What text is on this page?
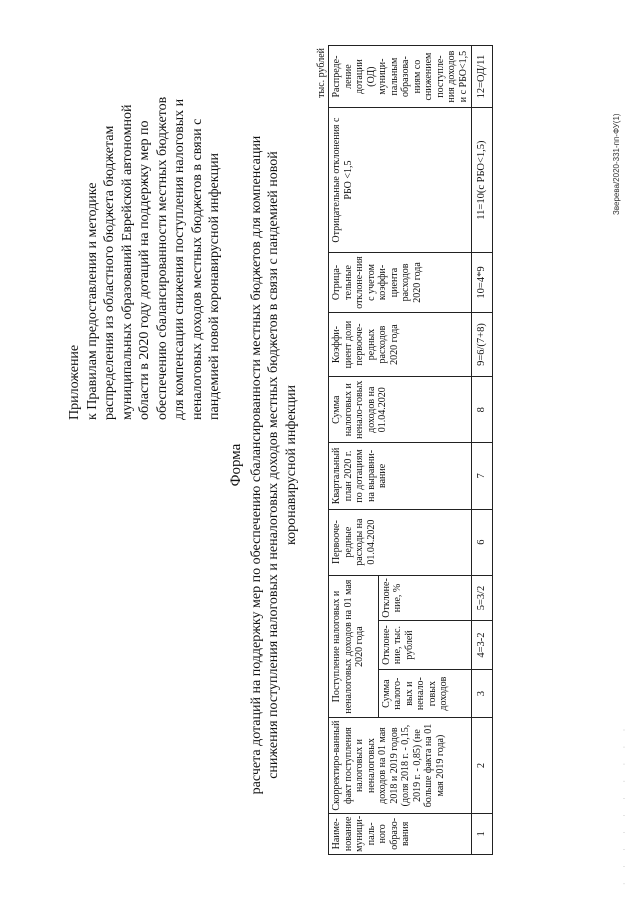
Приложение к Правилам предоставления и методике распределения из областного бюджета бюджетам муниципальных образований Еврейской автономной области в 2020 году дотаций на поддержку мер по обеспечению сбалансированности местных бюджетов для компенсации снижения поступления налоговых и неналоговых доходов местных бюджетов в связи с пандемией новой коронавирусной инфекции
Форма расчета дотаций на поддержку мер по обеспечению сбалансированности местных бюджетов для компенсации снижения поступления налоговых и неналоговых доходов местных бюджетов в связи с пандемией новой коронавирусной инфекции
тыс. рублей
Наиме-нование муници-паль-ного образо-вания	Скорректиро-ванный факт поступления налоговых и неналоговых доходов на 01 мая 2018 и 2019 годов (доля 2018 г. - 0,15, 2019 г. - 0,85) (не больше факта на 01 мая 2019 года)	Поступление налоговых и неналоговых доходов на 01 мая 2020 года			Первооче-редные расходы на 01.04.2020	Квартальный план 2020 г. по дотациям на выравни-вание	Сумма налоговых и ненало-говых доходов на 01.04.2020	Коэффи-циент доли первооче-редных расходов 2020 года	Отрица-тельные отклоне-ния с учетом коэффи-циента расходов 2020 года	Отрицательные отклонения с РБО <1,5	Распреде-ление дотации (ОД) муници-пальным образова-ниям со снижением поступле-ния доходов и с РБО<1,5
		Сумма налого-вых и ненало-говых доходов	Отклоне-ние, тыс. рублей	Отклоне-ние, %							
1	2	3	4=3-2	5=3/2	6	7	8	9=6/(7+8)	10=4*9	11=10(с РБО<1,5)	12=ОД/11
Зверева/2020-331-пп-ФУ(1)
· · · · · · · · · ·
